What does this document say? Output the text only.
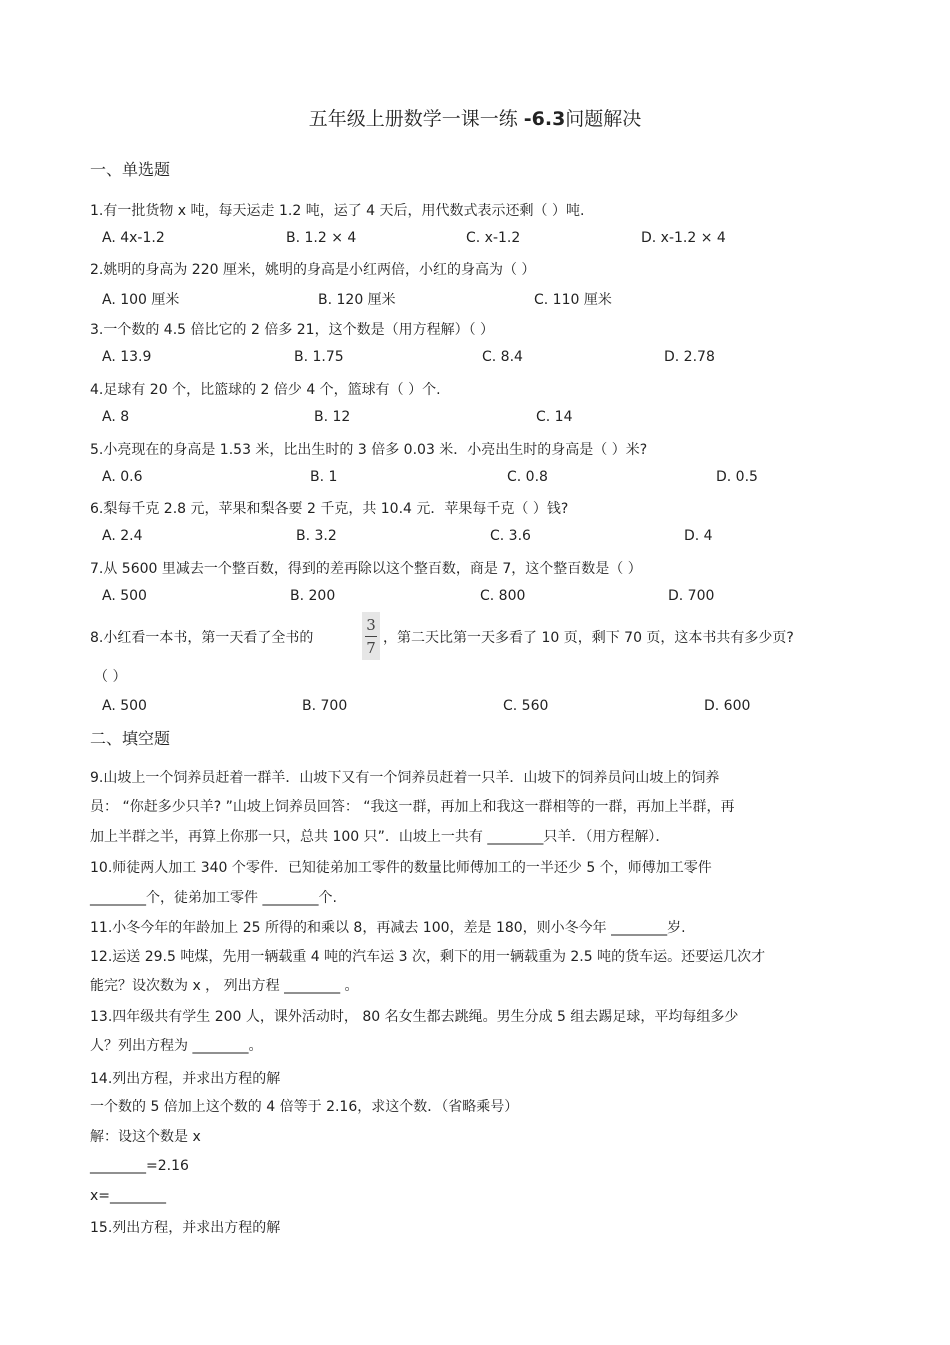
五年级上册数学一课一练 -6.3问题解决
一、单选题
1.有一批货物 x 吨，每天运走 1.2 吨，运了 4 天后，用代数式表示还剩（ ）吨.
A. 4x-1.2	B. 1.2 × 4	C. x-1.2	D. x-1.2 × 4
2.姚明的身高为 220 厘米，姚明的身高是小红两倍，小红的身高为（ ）
A. 100 厘米	B. 120 厘米	C. 110 厘米
3.一个数的 4.5 倍比它的 2 倍多 21，这个数是（用方程解）（ ）
A. 13.9	B. 1.75	C. 8.4	D. 2.78
4.足球有 20 个，比篮球的 2 倍少 4 个，篮球有（ ）个.
A. 8	B. 12	C. 14
5.小亮现在的身高是 1.53 米，比出生时的 3 倍多 0.03 米．小亮出生时的身高是（ ）米?
A. 0.6	B. 1	C. 0.8	D. 0.5
6.梨每千克 2.8 元，苹果和梨各要 2 千克，共 10.4 元．苹果每千克（ ）钱?
A. 2.4	B. 3.2	C. 3.6	D. 4
7.从 5600 里减去一个整百数，得到的差再除以这个整百数，商是 7，这个整百数是（ ）
A. 500	B. 200	C. 800	D. 700
8.小红看一本书，第一天看了全书的
3
7
，第二天比第一天多看了 10 页，剩下 70 页，这本书共有多少页?
（ ）
A. 500	B. 700	C. 560	D. 600
二、填空题
9.山坡上一个饲养员赶着一群羊．山坡下又有一个饲养员赶着一只羊．山坡下的饲养员问山坡上的饲养
员： “你赶多少只羊? ”山坡上饲养员回答： “我这一群，再加上和我这一群相等的一群，再加上半群，再
加上半群之半，再算上你那一只，总共 100 只”．山坡上一共有 ________只羊．（用方程解）．
10.师徒两人加工 340 个零件．已知徒弟加工零件的数量比师傅加工的一半还少 5 个，师傅加工零件
________个，徒弟加工零件 ________个.
11.小冬今年的年龄加上 25 所得的和乘以 8，再减去 100，差是 180，则小冬今年 ________岁.
12.运送 29.5 吨煤，先用一辆载重 4 吨的汽车运 3 次，剩下的用一辆载重为 2.5 吨的货车运。还要运几次才
能完？设次数为 x ， 列出方程 ________ 。
13.四年级共有学生 200 人，课外活动时， 80 名女生都去跳绳。男生分成 5 组去踢足球，平均每组多少
人？列出方程为 ________。
14.列出方程，并求出方程的解
一个数的 5 倍加上这个数的 4 倍等于 2.16，求这个数．（省略乘号）
解：设这个数是 x
________=2.16
x=________
15.列出方程，并求出方程的解
